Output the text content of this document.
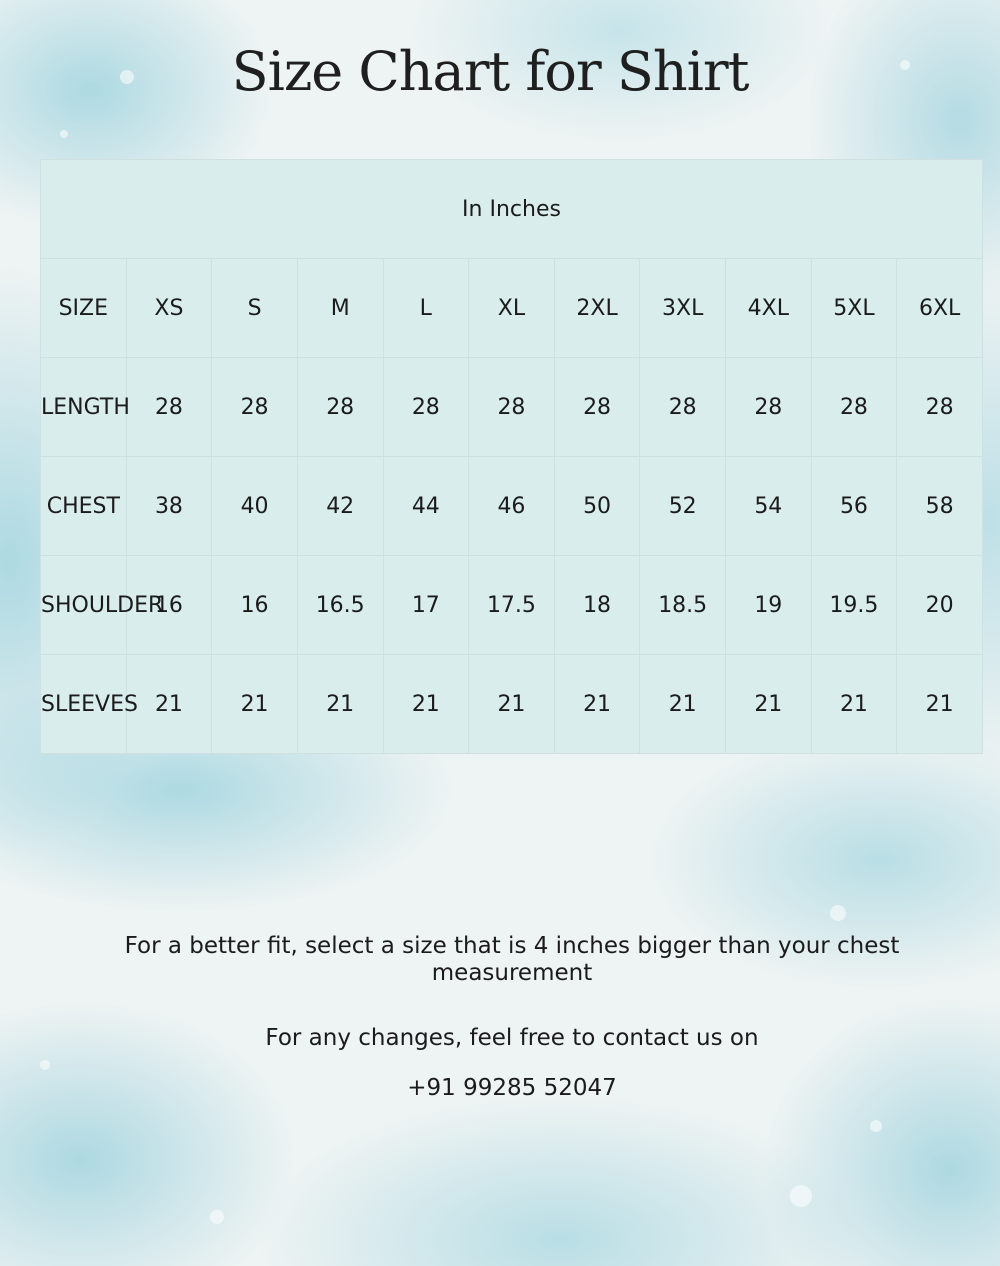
Size Chart for Shirt
In Inches										
SIZE	XS	S	M	L	XL	2XL	3XL	4XL	5XL	6XL
LENGTH	28	28	28	28	28	28	28	28	28	28
CHEST	38	40	42	44	46	50	52	54	56	58
SHOULDER	16	16	16.5	17	17.5	18	18.5	19	19.5	20
SLEEVES	21	21	21	21	21	21	21	21	21	21

For a better fit, select a size that is 4 inches bigger than your chest measurement

For any changes, feel free to contact us on

+91 99285 52047
